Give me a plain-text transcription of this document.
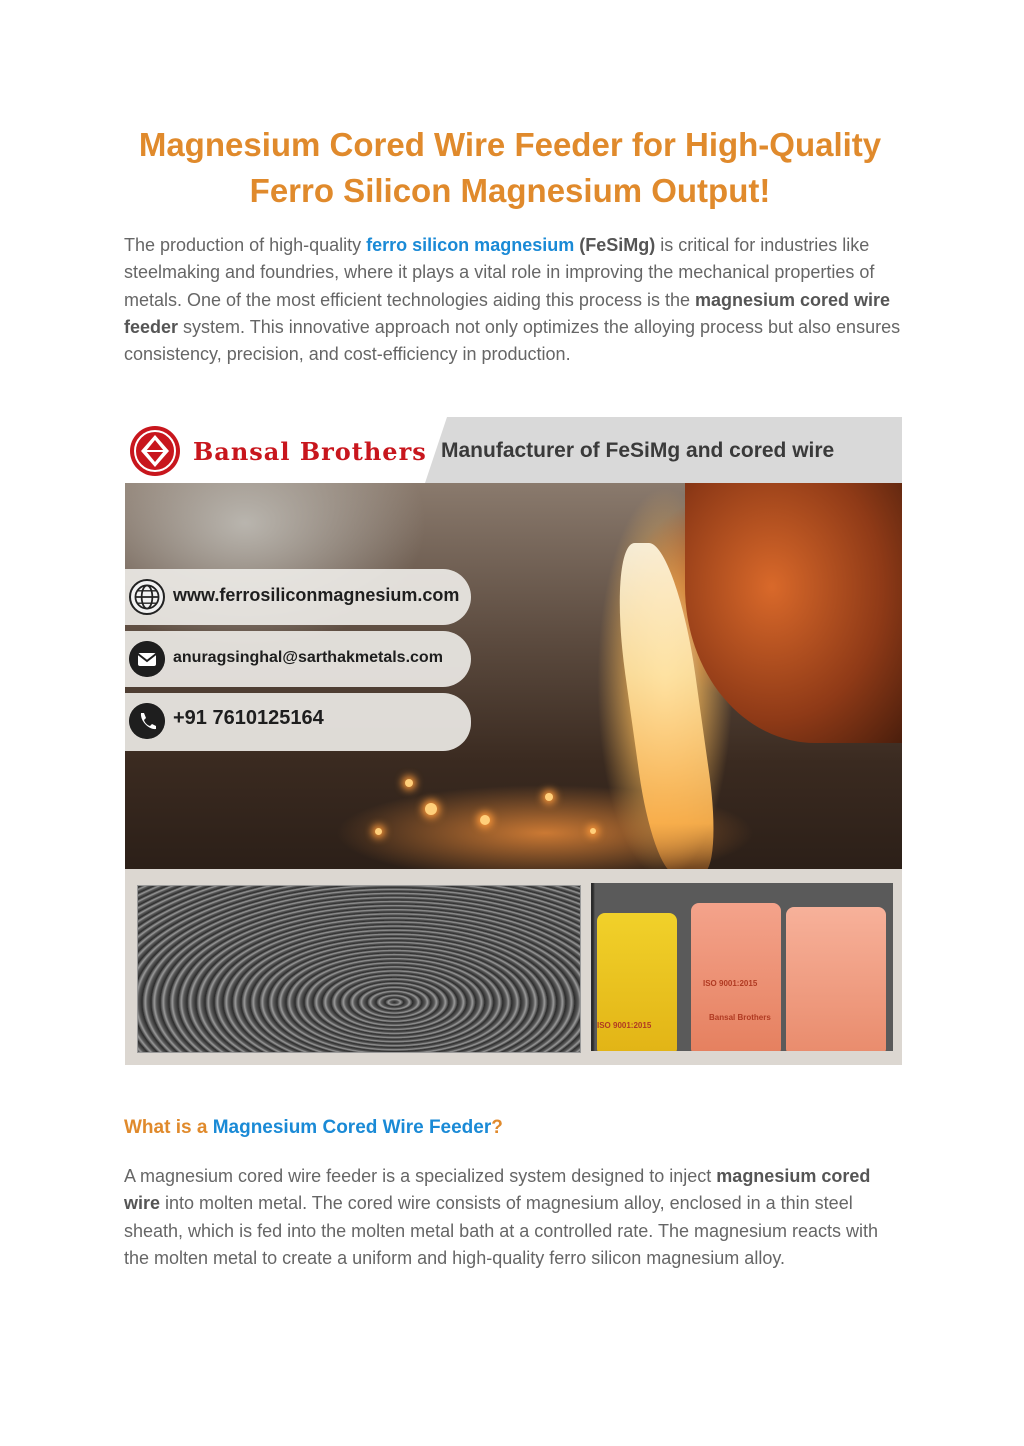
Magnesium Cored Wire Feeder for High-Quality
Ferro Silicon Magnesium Output!

The production of high-quality ferro silicon magnesium (FeSiMg) is critical for industries like steelmaking and foundries, where it plays a vital role in improving the mechanical properties of metals. One of the most efficient technologies aiding this process is the magnesium cored wire feeder system. This innovative approach not only optimizes the alloying process but also ensures consistency, precision, and cost-efficiency in production.

Bansal Brothers Manufacturer of FeSiMg and cored wire

www.ferrosiliconmagnesium.com

anuragsinghal@sarthakmetals.com

+91 7610125164

ISO 9001:2015
ISO 9001:2015
Bansal Brothers
What is a Magnesium Cored Wire Feeder?

A magnesium cored wire feeder is a specialized system designed to inject magnesium cored wire into molten metal. The cored wire consists of magnesium alloy, enclosed in a thin steel sheath, which is fed into the molten metal bath at a controlled rate. The magnesium reacts with the molten metal to create a uniform and high-quality ferro silicon magnesium alloy.
